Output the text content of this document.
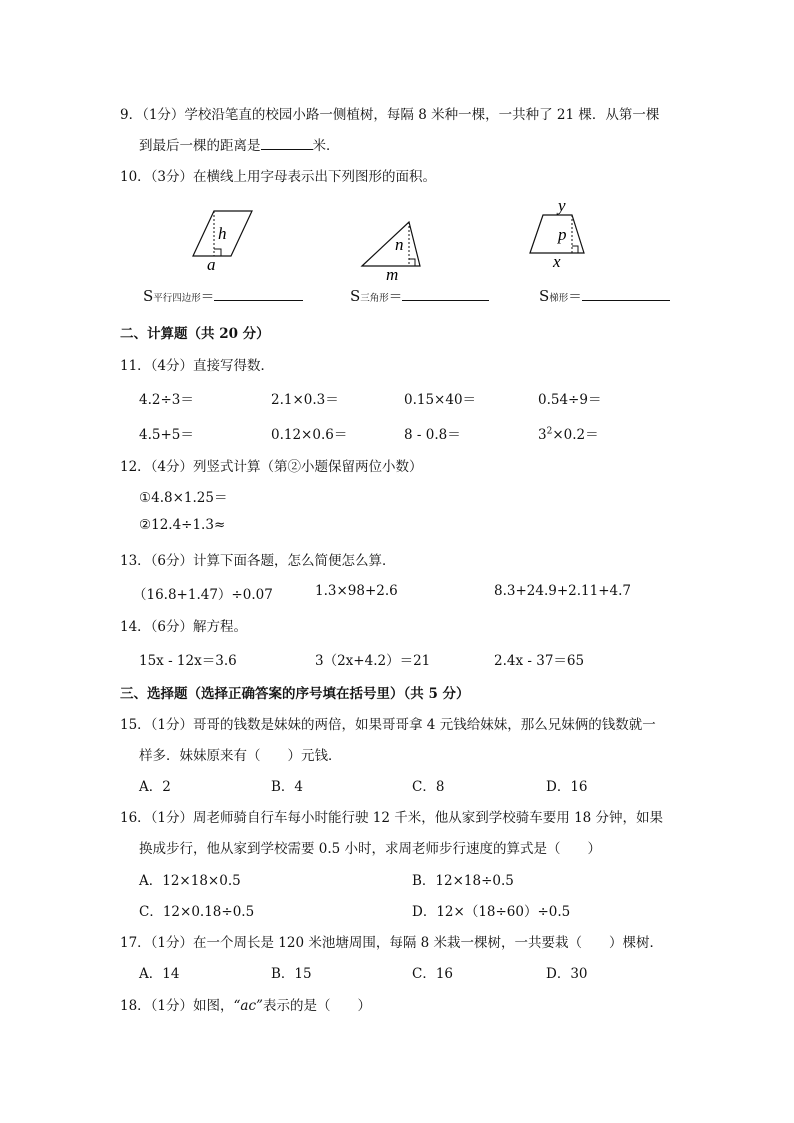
9．（1分）学校沿笔直的校园小路一侧植树，每隔 8 米种一棵，一共种了 21 棵．从第一棵
到最后一棵的距离是	米．
10．（3分）在横线上用字母表示出下列图形的面积。
h
a
n
m
y
p
x
S平行四边形＝	S三角形＝	S梯形＝
二、计算题（共 20 分）
11．（4分）直接写得数．
4.2÷3＝	2.1×0.3＝	0.15×40＝	0.54÷9＝
4.5+5＝	0.12×0.6＝	8 - 0.8＝	$3^2\times 0.2=$
12．（4分）列竖式计算（第②小题保留两位小数）
①4.8×1.25＝
②12.4÷1.3≈
13．（6分）计算下面各题，怎么简便怎么算．
（16.8+1.47）÷0.07	1.3×98+2.6	8.3+24.9+2.11+4.7
14．（6分）解方程。
15x - 12x＝3.6	3（2x+4.2）＝21	2.4x - 37＝65
三、选择题（选择正确答案的序号填在括号里）（共 5 分）
15．（1分）哥哥的钱数是妹妹的两倍，如果哥哥拿 4 元钱给妹妹，那么兄妹俩的钱数就一
样多．妹妹原来有（　　）元钱．
A．2	B．4	C．8	D．16
16．（1分）周老师骑自行车每小时能行驶 12 千米，他从家到学校骑车要用 18 分钟，如果
换成步行，他从家到学校需要 0.5 小时，求周老师步行速度的算式是（　　）
A．12×18×0.5	B．12×18÷0.5
C．12×0.18÷0.5	D．12×（18÷60）÷0.5
17．（1分）在一个周长是 120 米池塘周围，每隔 8 米栽一棵树，一共要栽（　　）棵树．
A．14	B．15	C．16	D．30
18．（1分）如图，“ac”表示的是（　　）
